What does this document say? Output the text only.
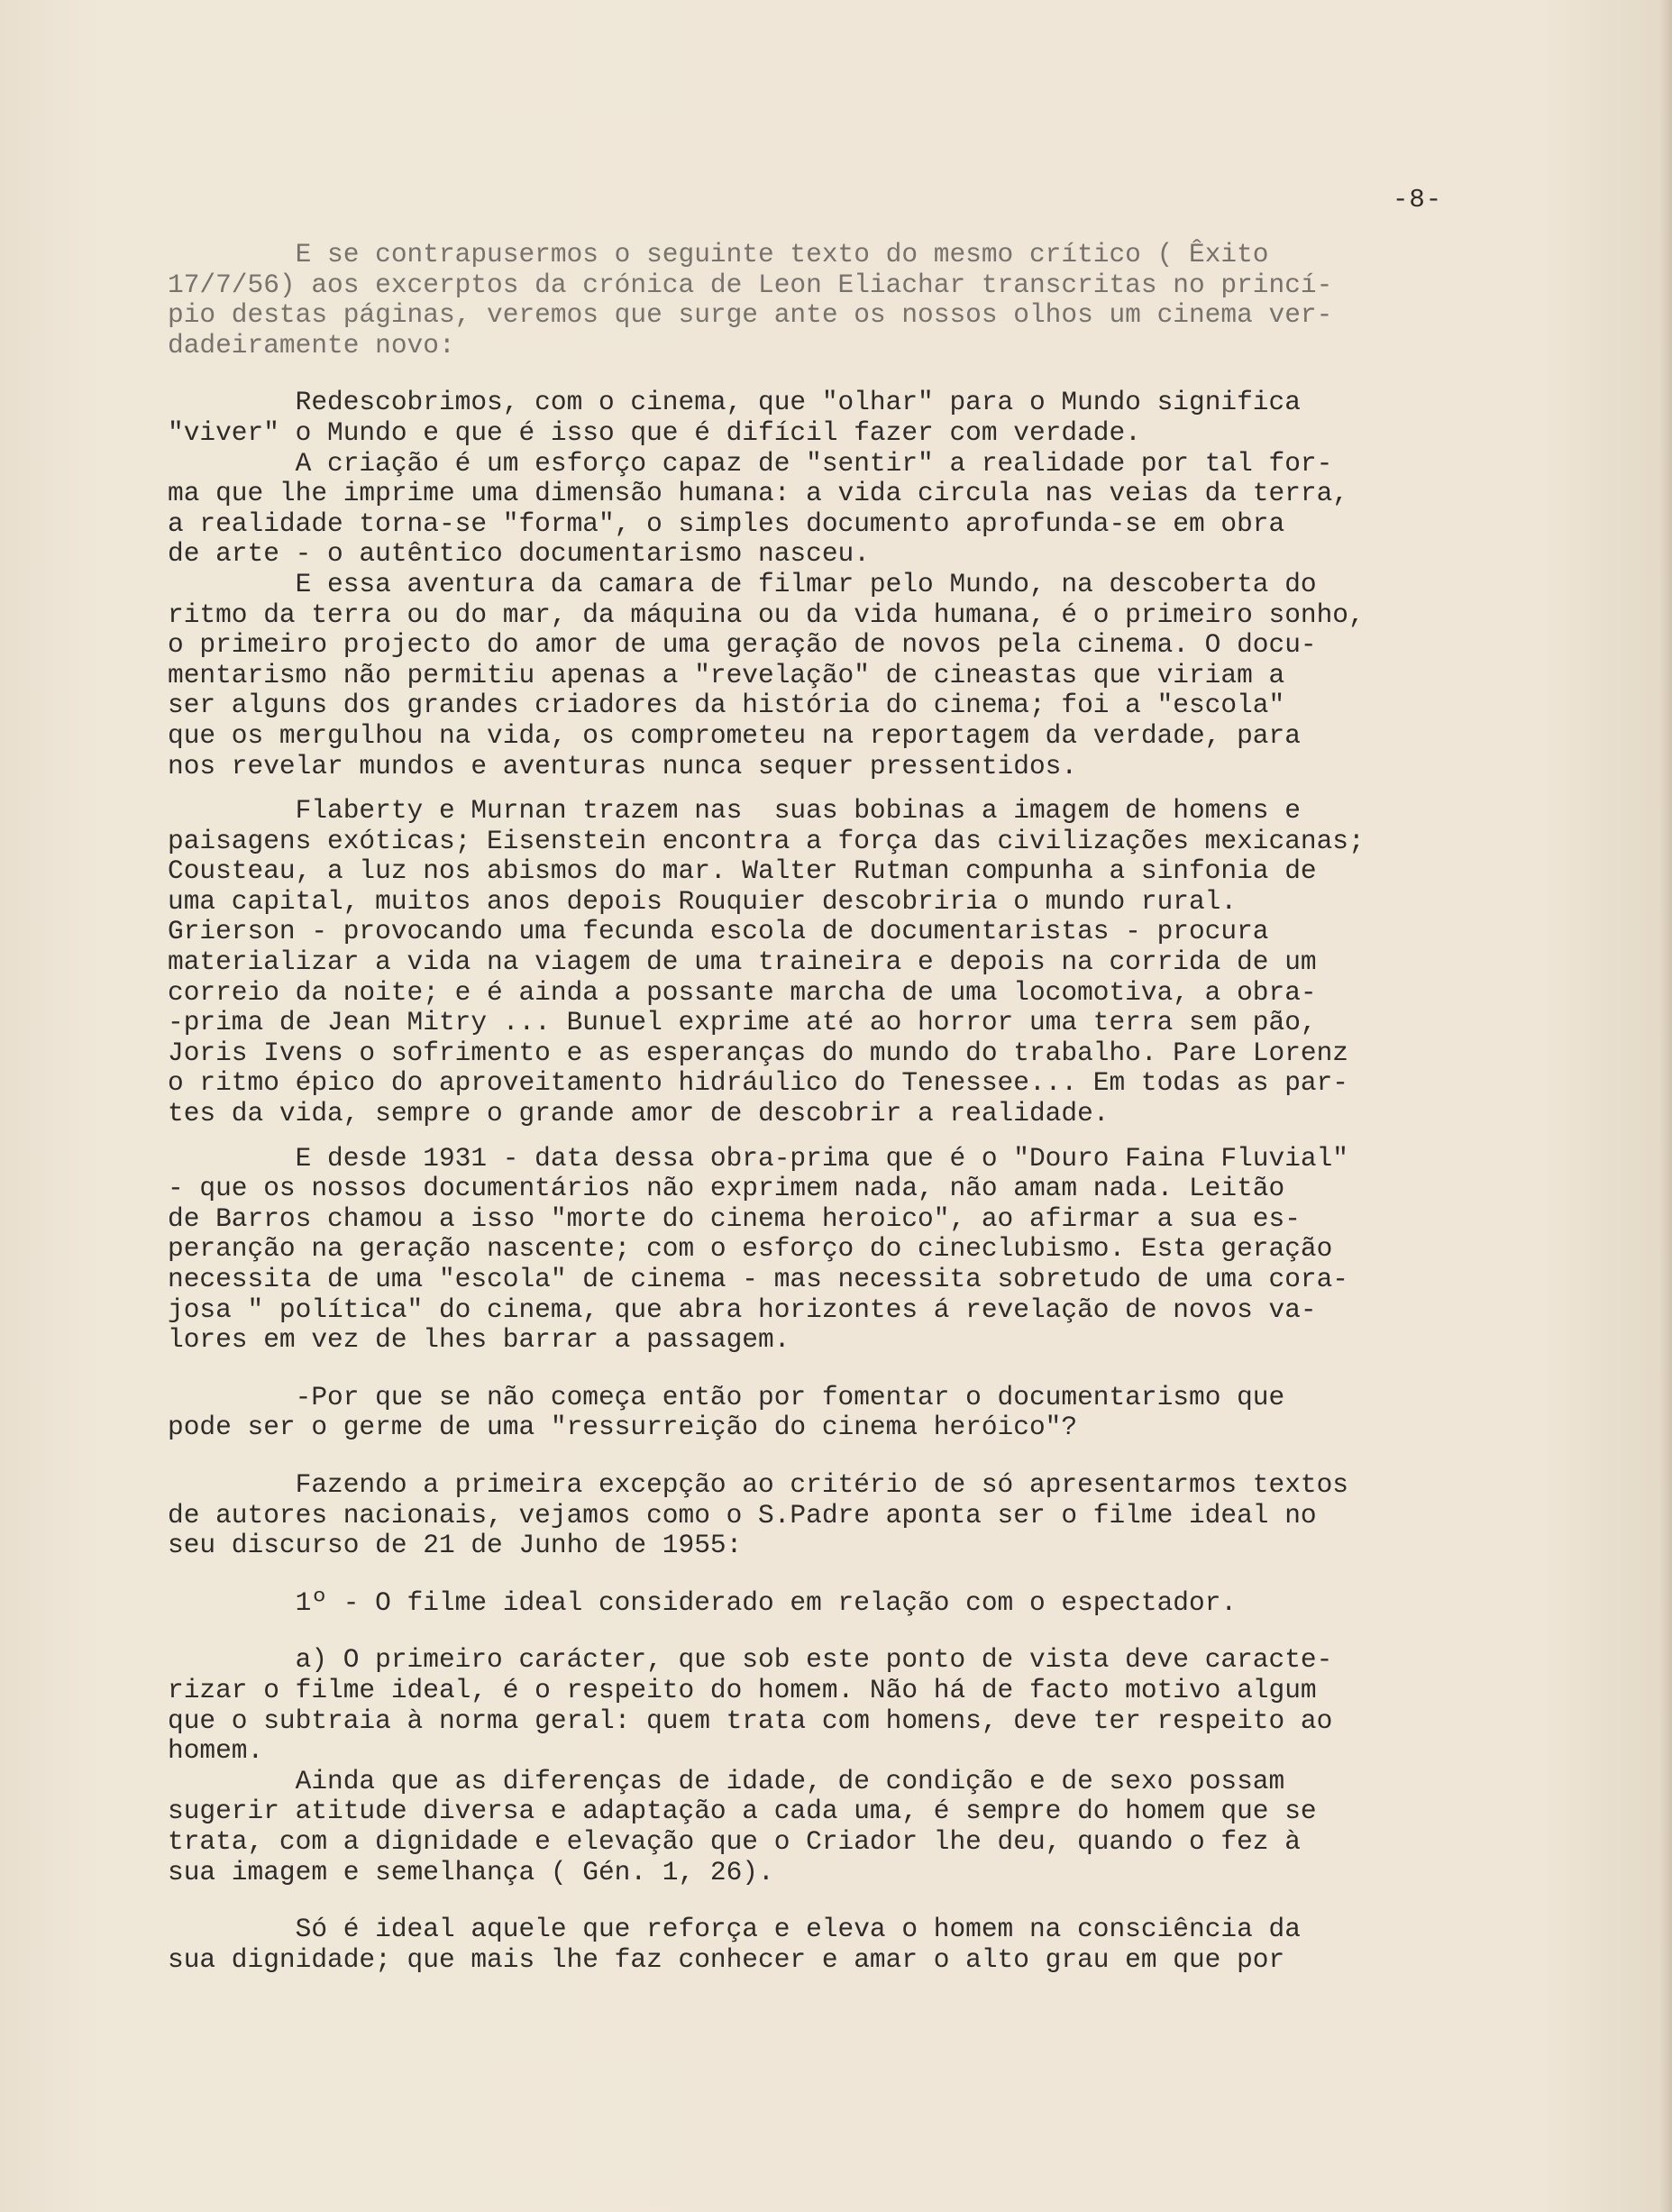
-8-

E se contrapusermos o seguinte texto do mesmo crítico ( Êxito
17/7/56) aos excerptos da crónica de Leon Eliachar transcritas no princí-
pio destas páginas, veremos que surge ante os nossos olhos um cinema ver-
dadeiramente novo:

Redescobrimos, com o cinema, que "olhar" para o Mundo significa
"viver" o Mundo e que é isso que é difícil fazer com verdade.
A criação é um esforço capaz de "sentir" a realidade por tal for-
ma que lhe imprime uma dimensão humana: a vida circula nas veias da terra,
a realidade torna-se "forma", o simples documento aprofunda-se em obra
de arte - o autêntico documentarismo nasceu.
E essa aventura da camara de filmar pelo Mundo, na descoberta do
ritmo da terra ou do mar, da máquina ou da vida humana, é o primeiro sonho,
o primeiro projecto do amor de uma geração de novos pela cinema. O docu-
mentarismo não permitiu apenas a "revelação" de cineastas que viriam a
ser alguns dos grandes criadores da história do cinema; foi a "escola"
que os mergulhou na vida, os comprometeu na reportagem da verdade, para
nos revelar mundos e aventuras nunca sequer pressentidos.

Flaberty e Murnan trazem nas  suas bobinas a imagem de homens e
paisagens exóticas; Eisenstein encontra a força das civilizações mexicanas;
Cousteau, a luz nos abismos do mar. Walter Rutman compunha a sinfonia de
uma capital, muitos anos depois Rouquier descobriria o mundo rural.
Grierson - provocando uma fecunda escola de documentaristas - procura
materializar a vida na viagem de uma traineira e depois na corrida de um
correio da noite; e é ainda a possante marcha de uma locomotiva, a obra-
-prima de Jean Mitry ... Bunuel exprime até ao horror uma terra sem pão,
Joris Ivens o sofrimento e as esperanças do mundo do trabalho. Pare Lorenz
o ritmo épico do aproveitamento hidráulico do Tenessee... Em todas as par-
tes da vida, sempre o grande amor de descobrir a realidade.

E desde 1931 - data dessa obra-prima que é o "Douro Faina Fluvial"
- que os nossos documentários não exprimem nada, não amam nada. Leitão
de Barros chamou a isso "morte do cinema heroico", ao afirmar a sua es-
peranção na geração nascente; com o esforço do cineclubismo. Esta geração
necessita de uma "escola" de cinema - mas necessita sobretudo de uma cora-
josa " política" do cinema, que abra horizontes á revelação de novos va-
lores em vez de lhes barrar a passagem.

-Por que se não começa então por fomentar o documentarismo que
pode ser o germe de uma "ressurreição do cinema heróico"?

Fazendo a primeira excepção ao critério de só apresentarmos textos
de autores nacionais, vejamos como o S.Padre aponta ser o filme ideal no
seu discurso de 21 de Junho de 1955:

1º - O filme ideal considerado em relação com o espectador.

a) O primeiro carácter, que sob este ponto de vista deve caracte-
rizar o filme ideal, é o respeito do homem. Não há de facto motivo algum
que o subtraia à norma geral: quem trata com homens, deve ter respeito ao
homem.
Ainda que as diferenças de idade, de condição e de sexo possam
sugerir atitude diversa e adaptação a cada uma, é sempre do homem que se
trata, com a dignidade e elevação que o Criador lhe deu, quando o fez à
sua imagem e semelhança ( Gén. 1, 26).

Só é ideal aquele que reforça e eleva o homem na consciência da
sua dignidade; que mais lhe faz conhecer e amar o alto grau em que por
